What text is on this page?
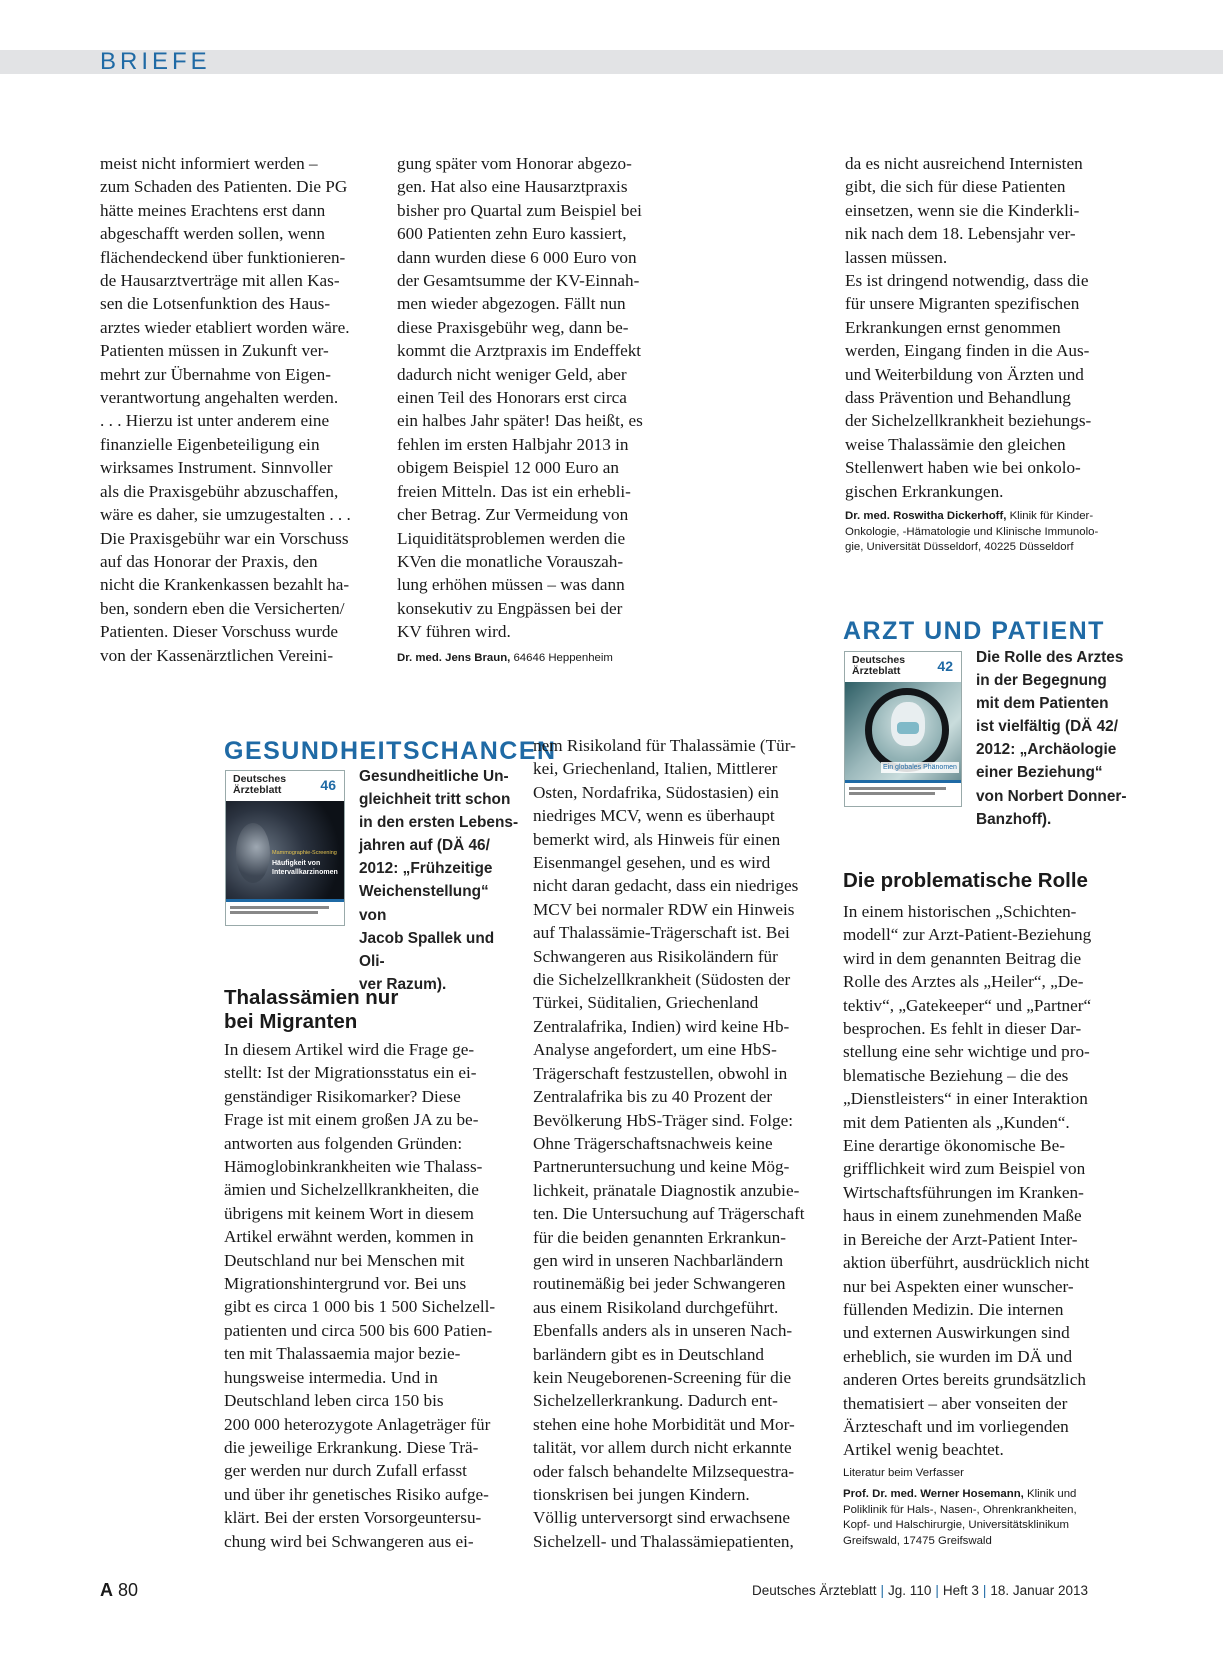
BRIEFE
meist nicht informiert werden –
zum Schaden des Patienten. Die PG
hätte meines Erachtens erst dann
abgeschafft werden sollen, wenn
flächendeckend über funktionieren-
de Hausarztverträge mit allen Kas-
sen die Lotsenfunktion des Haus-
arztes wieder etabliert worden wäre.
Patienten müssen in Zukunft ver-
mehrt zur Übernahme von Eigen-
verantwortung angehalten werden.
. . . Hierzu ist unter anderem eine
finanzielle Eigenbeteiligung ein
wirksames Instrument. Sinnvoller
als die Praxisgebühr abzuschaffen,
wäre es daher, sie umzugestalten . . .
Die Praxisgebühr war ein Vorschuss
auf das Honorar der Praxis, den
nicht die Krankenkassen bezahlt ha-
ben, sondern eben die Versicherten/
Patienten. Dieser Vorschuss wurde
von der Kassenärztlichen Vereini-
gung später vom Honorar abgezo-
gen. Hat also eine Hausarztpraxis
bisher pro Quartal zum Beispiel bei
600 Patienten zehn Euro kassiert,
dann wurden diese 6 000 Euro von
der Gesamtsumme der KV-Einnah-
men wieder abgezogen. Fällt nun
diese Praxisgebühr weg, dann be-
kommt die Arztpraxis im Endeffekt
dadurch nicht weniger Geld, aber
einen Teil des Honorars erst circa
ein halbes Jahr später! Das heißt, es
fehlen im ersten Halbjahr 2013 in
obigem Beispiel 12 000 Euro an
freien Mitteln. Das ist ein erhebli-
cher Betrag. Zur Vermeidung von
Liquiditätsproblemen werden die
KVen die monatliche Vorauszah-
lung erhöhen müssen – was dann
konsekutiv zu Engpässen bei der
KV führen wird.
Dr. med. Jens Braun, 64646 Heppenheim
da es nicht ausreichend Internisten
gibt, die sich für diese Patienten
einsetzen, wenn sie die Kinderkli-
nik nach dem 18. Lebensjahr ver-
lassen müssen.
Es ist dringend notwendig, dass die
für unsere Migranten spezifischen
Erkrankungen ernst genommen
werden, Eingang finden in die Aus-
und Weiterbildung von Ärzten und
dass Prävention und Behandlung
der Sichelzellkrankheit beziehungs-
weise Thalassämie den gleichen
Stellenwert haben wie bei onkolo-
gischen Erkrankungen.
Dr. med. Roswitha Dickerhoff, Klinik für Kinder-
Onkologie, -Hämatologie und Klinische Immunolo-
gie, Universität Düsseldorf, 40225 Düsseldorf
GESUNDHEITSCHANCEN
Deutsches Ärzteblatt	46
Mammographie-Screening
Häufigkeit von Intervallkarzinomen
Gesundheitliche Un-
gleichheit tritt schon
in den ersten Lebens-
jahren auf (DÄ 46/
2012: „Frühzeitige
Weichenstellung“ von
Jacob Spallek und Oli-
ver Razum).
Thalassämien nur
bei Migranten
In diesem Artikel wird die Frage ge-
stellt: Ist der Migrationsstatus ein ei-
genständiger Risikomarker? Diese
Frage ist mit einem großen JA zu be-
antworten aus folgenden Gründen:
Hämoglobinkrankheiten wie Thalass-
ämien und Sichelzellkrankheiten, die
übrigens mit keinem Wort in diesem
Artikel erwähnt werden, kommen in
Deutschland nur bei Menschen mit
Migrationshintergrund vor. Bei uns
gibt es circa 1 000 bis 1 500 Sichelzell-
patienten und circa 500 bis 600 Patien-
ten mit Thalassaemia major bezie-
hungsweise intermedia. Und in
Deutschland leben circa 150 bis
200 000 heterozygote Anlageträger für
die jeweilige Erkrankung. Diese Trä-
ger werden nur durch Zufall erfasst
und über ihr genetisches Risiko aufge-
klärt. Bei der ersten Vorsorgeuntersu-
chung wird bei Schwangeren aus ei-
nem Risikoland für Thalassämie (Tür-
kei, Griechenland, Italien, Mittlerer
Osten, Nordafrika, Südostasien) ein
niedriges MCV, wenn es überhaupt
bemerkt wird, als Hinweis für einen
Eisenmangel gesehen, und es wird
nicht daran gedacht, dass ein niedriges
MCV bei normaler RDW ein Hinweis
auf Thalassämie-Trägerschaft ist. Bei
Schwangeren aus Risikoländern für
die Sichelzellkrankheit (Südosten der
Türkei, Süditalien, Griechenland
Zentralafrika, Indien) wird keine Hb-
Analyse angefordert, um eine HbS-
Trägerschaft festzustellen, obwohl in
Zentralafrika bis zu 40 Prozent der
Bevölkerung HbS-Träger sind. Folge:
Ohne Trägerschaftsnachweis keine
Partneruntersuchung und keine Mög-
lichkeit, pränatale Diagnostik anzubie-
ten. Die Untersuchung auf Trägerschaft
für die beiden genannten Erkrankun-
gen wird in unseren Nachbarländern
routinemäßig bei jeder Schwangeren
aus einem Risikoland durchgeführt.
Ebenfalls anders als in unseren Nach-
barländern gibt es in Deutschland
kein Neugeborenen-Screening für die
Sichelzellerkrankung. Dadurch ent-
stehen eine hohe Morbidität und Mor-
talität, vor allem durch nicht erkannte
oder falsch behandelte Milzsequestra-
tionskrisen bei jungen Kindern.
Völlig unterversorgt sind erwachsene
Sichelzell- und Thalassämiepatienten,
ARZT UND PATIENT
Deutsches Ärzteblatt	42
Ein globales Phänomen
Die Rolle des Arztes
in der Begegnung
mit dem Patienten
ist vielfältig (DÄ 42/
2012: „Archäologie
einer Beziehung“
von Norbert Donner-
Banzhoff).
Die problematische Rolle
In einem historischen „Schichten-
modell“ zur Arzt-Patient-Beziehung
wird in dem genannten Beitrag die
Rolle des Arztes als „Heiler“, „De-
tektiv“, „Gatekeeper“ und „Partner“
besprochen. Es fehlt in dieser Dar-
stellung eine sehr wichtige und pro-
blematische Beziehung – die des
„Dienstleisters“ in einer Interaktion
mit dem Patienten als „Kunden“.
Eine derartige ökonomische Be-
grifflichkeit wird zum Beispiel von
Wirtschaftsführungen im Kranken-
haus in einem zunehmenden Maße
in Bereiche der Arzt-Patient Inter-
aktion überführt, ausdrücklich nicht
nur bei Aspekten einer wunscher-
füllenden Medizin. Die internen
und externen Auswirkungen sind
erheblich, sie wurden im DÄ und
anderen Ortes bereits grundsätzlich
thematisiert – aber vonseiten der
Ärzteschaft und im vorliegenden
Artikel wenig beachtet.
Literatur beim Verfasser
Prof. Dr. med. Werner Hosemann, Klinik und
Poliklinik für Hals-, Nasen-, Ohrenkrankheiten,
Kopf- und Halschirurgie, Universitätsklinikum
Greifswald, 17475 Greifswald
A 80	Deutsches Ärzteblatt | Jg. 110 | Heft 3 | 18. Januar 2013
